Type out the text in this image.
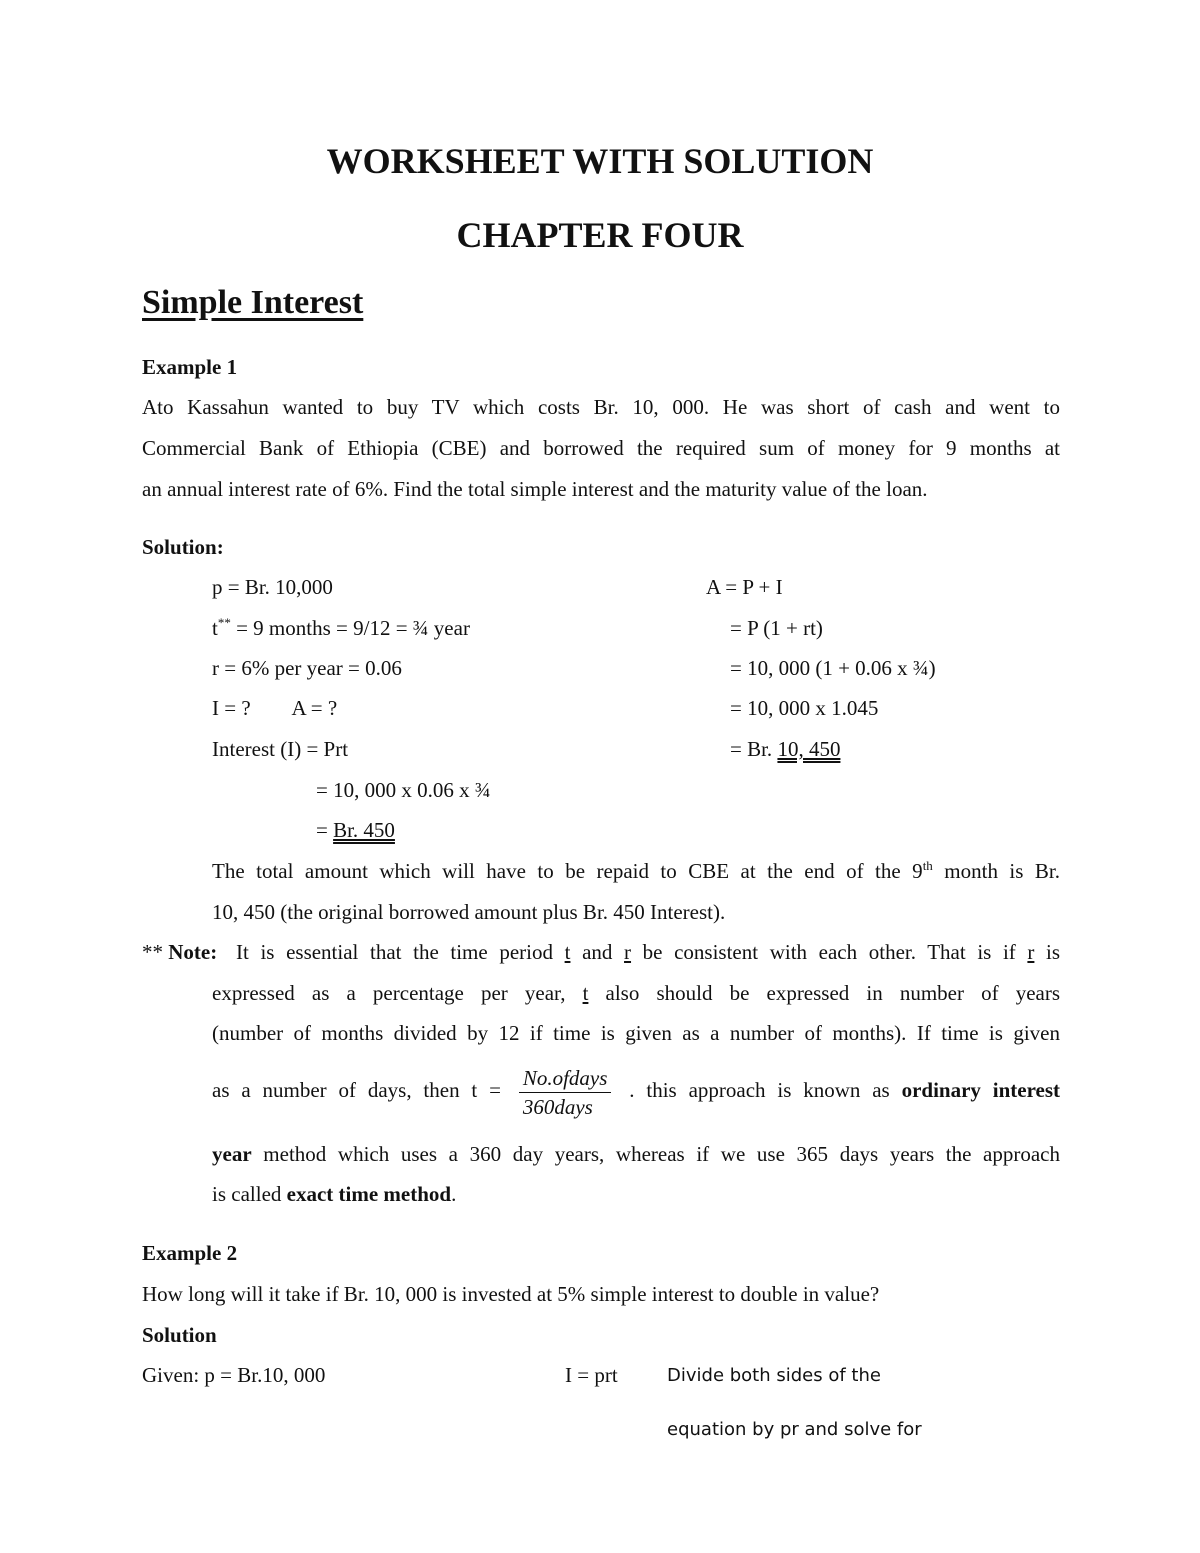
WORKSHEET WITH SOLUTION
CHAPTER FOUR
Simple Interest
Example 1
Ato Kassahun wanted to buy TV which costs Br. 10, 000. He was short of cash and went to
Commercial Bank of Ethiopia (CBE) and borrowed the required sum of money for 9 months at
an annual interest rate of 6%. Find the total simple interest and the maturity value of the loan.
Solution:
p = Br. 10,000
t** = 9 months = 9/12 = ¾ year
r = 6% per year = 0.06
I = ?        A = ?
Interest (I) = Prt
= 10, 000 x 0.06 x ¾
= Br. 450
A = P + I
= P (1 + rt)
= 10, 000 (1 + 0.06 x ¾)
= 10, 000 x 1.045
= Br. 10, 450
The total amount which will have to be repaid to CBE at the end of the 9th month is Br.
10, 450 (the original borrowed amount plus Br. 450 Interest).
** Note: It is essential that the time period t and r be consistent with each other. That is if r is
expressed as a percentage per year, t also should be expressed in number of years
(number of months divided by 12 if time is given as a number of months). If time is given
as a number of days, then $t = \frac{\text{No.ofdays}}{\text{360days}}$ . this approach is known as ordinary interest
year method which uses a 360 day years, whereas if we use 365 days years the approach
is called exact time method.
Example 2
How long will it take if Br. 10, 000 is invested at 5% simple interest to double in value?
Solution
Given: p = Br.10, 000	I = prt	Divide both sides of the
equation by pr and solve for
